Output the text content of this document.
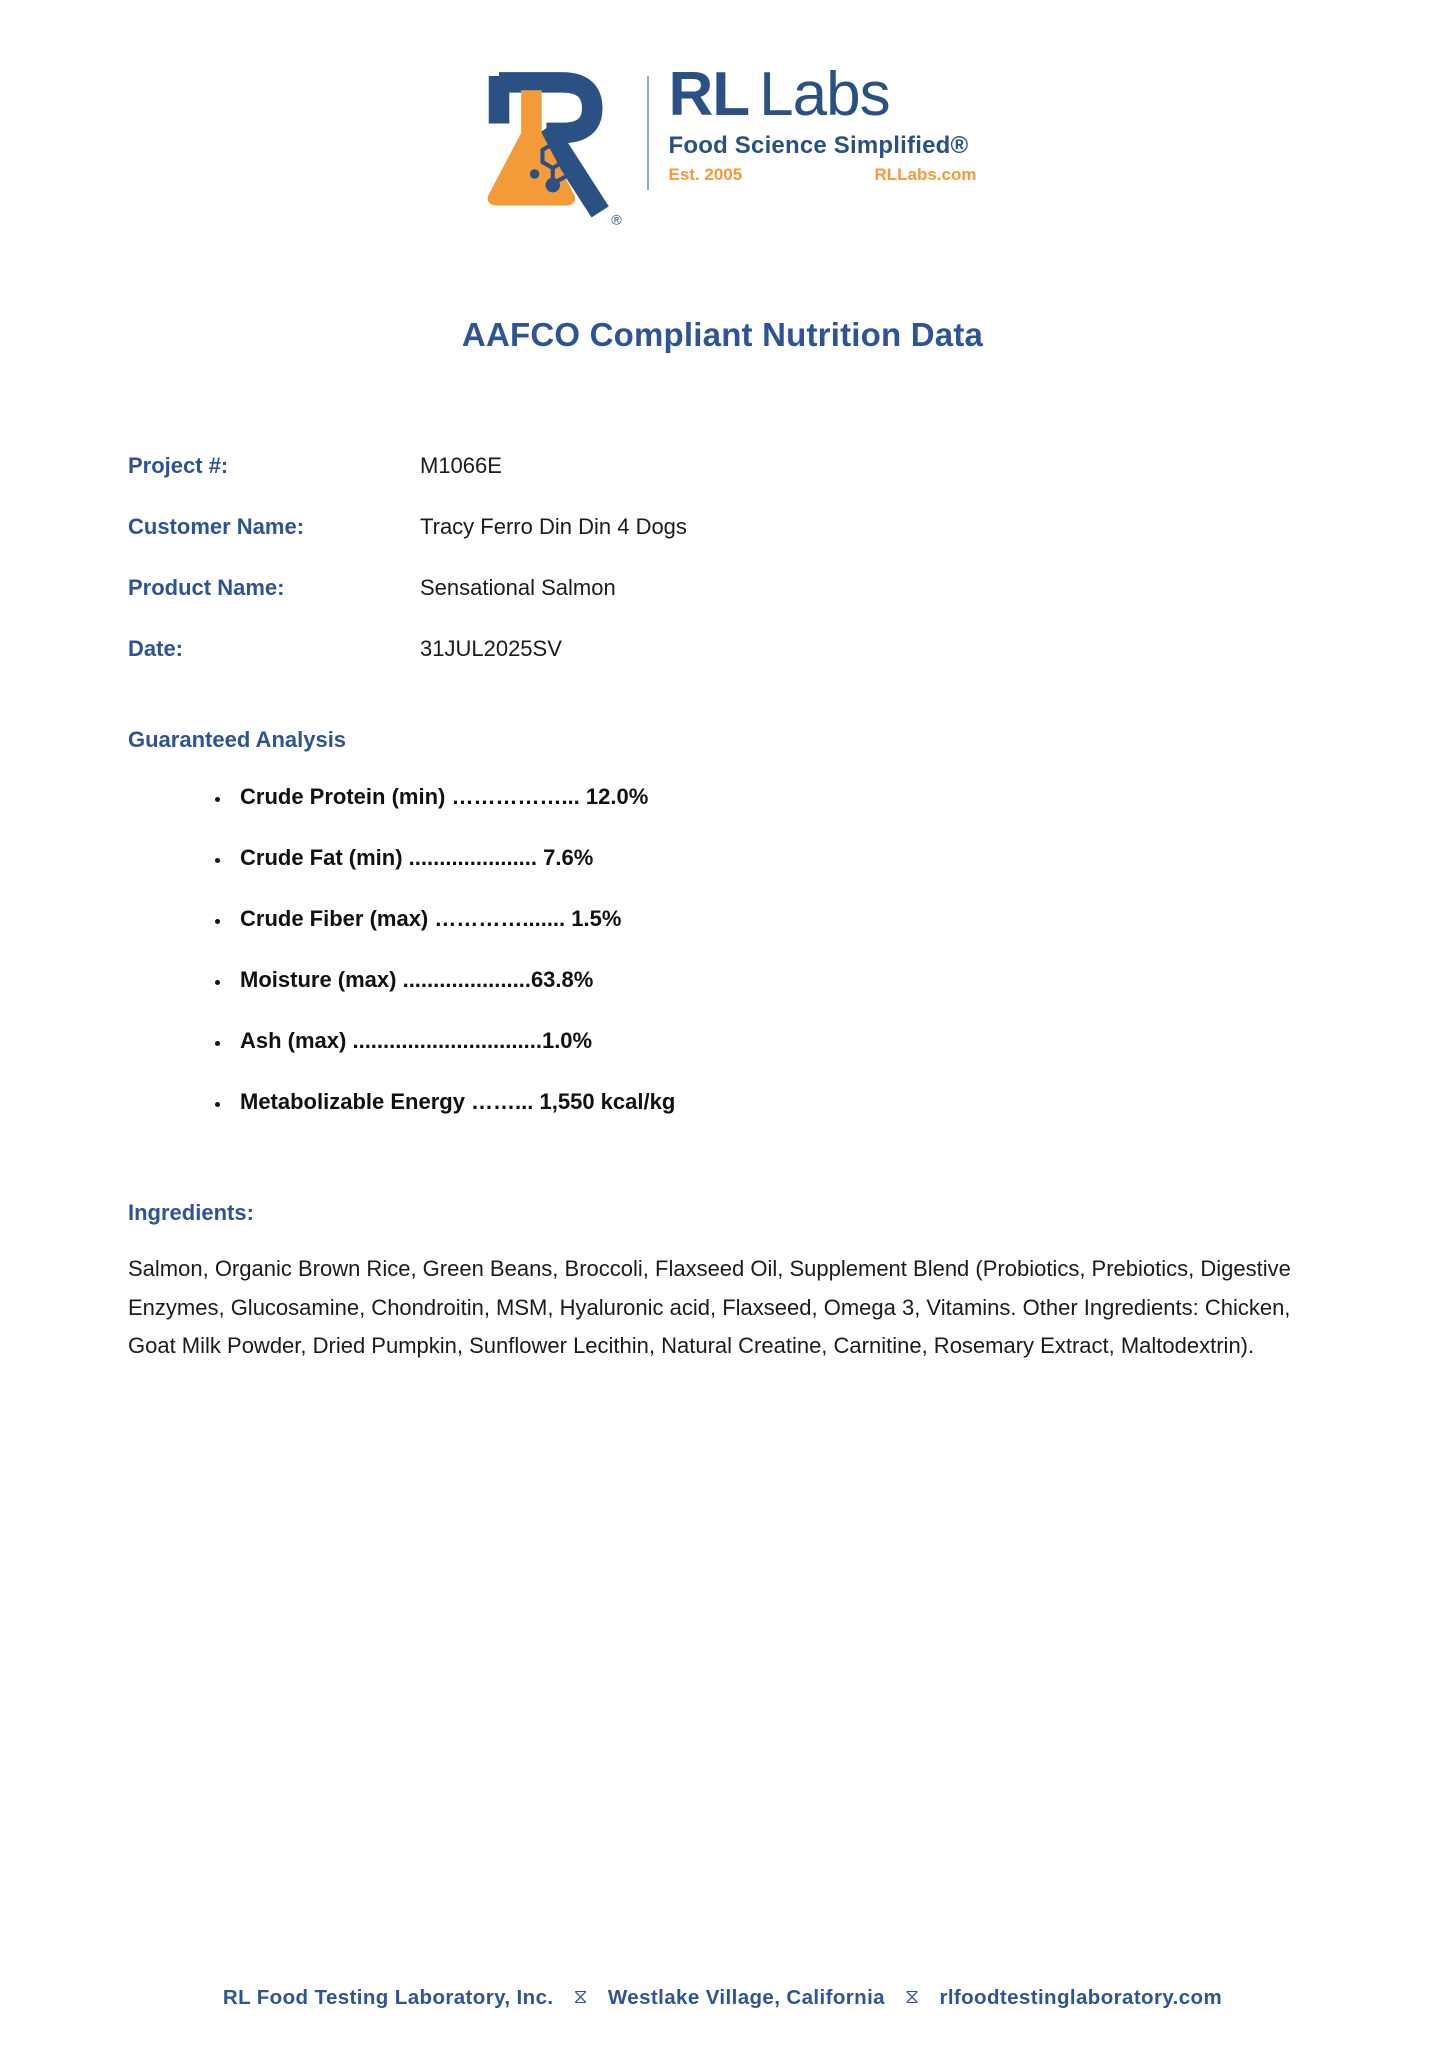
®
RL Labs
Food Science Simplified®
Est. 2005	RLLabs.com
AAFCO Compliant Nutrition Data
Project #:	M1066E
Customer Name:	Tracy Ferro Din Din 4 Dogs
Product Name:	Sensational Salmon
Date:	31JUL2025SV
Guaranteed Analysis
• Crude Protein (min) ……………... 12.0%
• Crude Fat (min) ..................... 7.6%
• Crude Fiber (max) …………....... 1.5%
• Moisture (max) .....................63.8%
• Ash (max) ...............................1.0%
• Metabolizable Energy ……... 1,550 kcal/kg
Ingredients:

Salmon, Organic Brown Rice, Green Beans, Broccoli, Flaxseed Oil, Supplement Blend (Probiotics, Prebiotics, Digestive Enzymes, Glucosamine, Chondroitin, MSM, Hyaluronic acid, Flaxseed, Omega 3, Vitamins. Other Ingredients: Chicken, Goat Milk Powder, Dried Pumpkin, Sunflower Lecithin, Natural Creatine, Carnitine, Rosemary Extract, Maltodextrin).

RL Food Testing Laboratory, Inc. ⧖ Westlake Village, California ⧖ rlfoodtestinglaboratory.com
